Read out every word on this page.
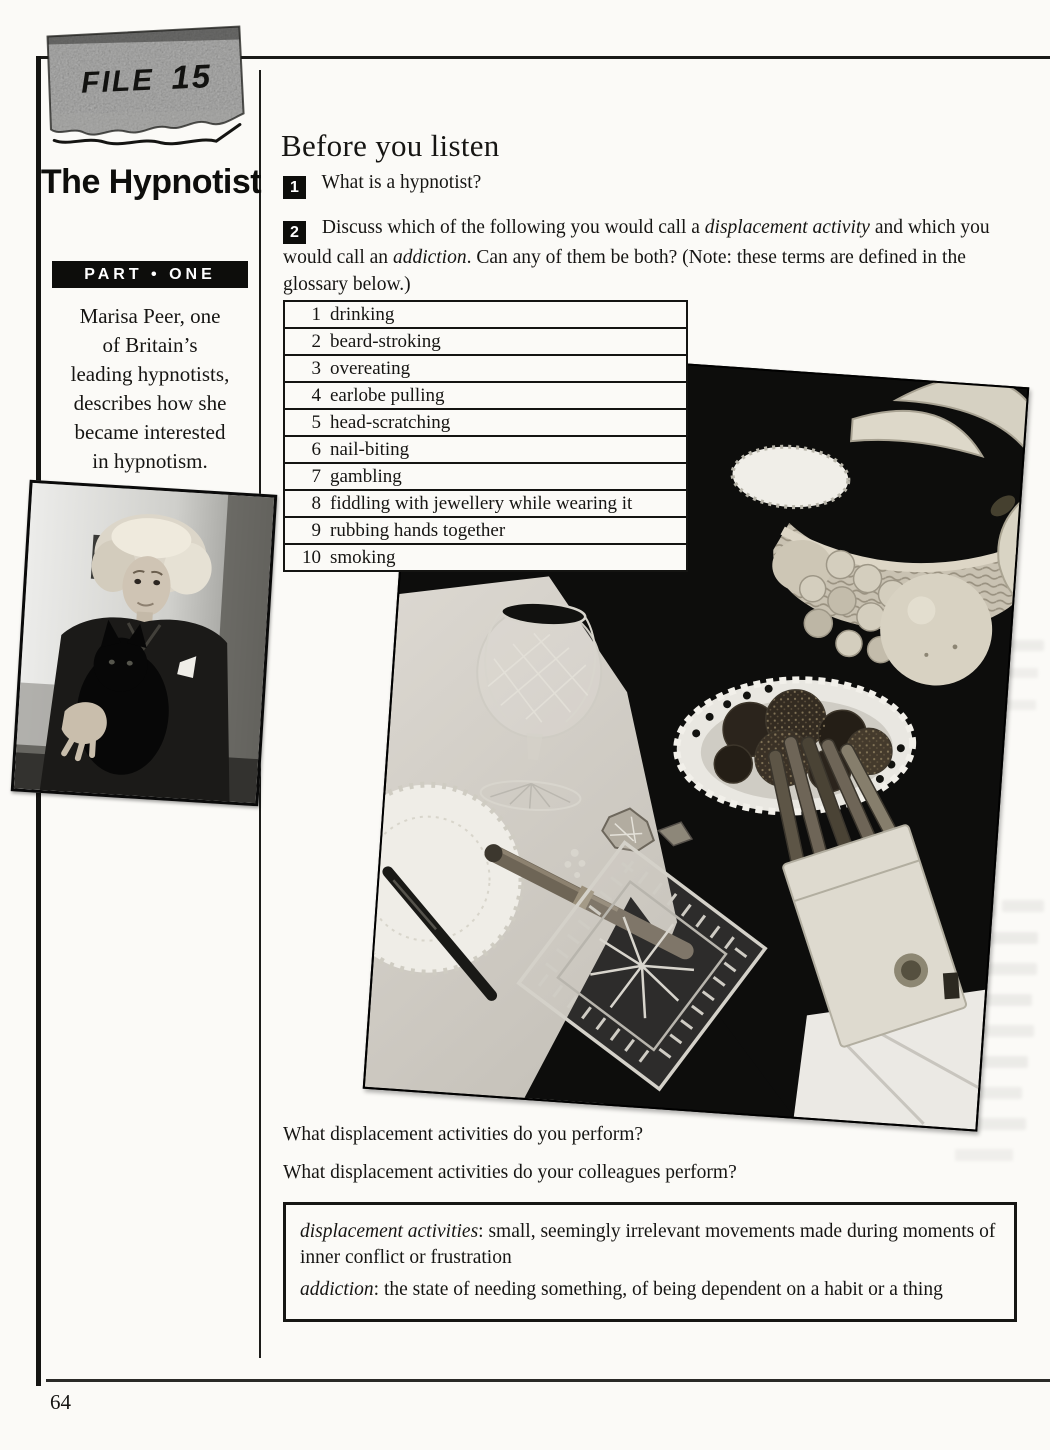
FILE 15
The Hypnotist
PART • ONE
Marisa Peer, one
of Britain’s
leading hypnotists,
describes how she
became interested
in hypnotism.
Before you listen
1 What is a hypnotist?
2 Discuss which of the following you would call a displacement activity and which you would call an addiction. Can any of them be both? (Note: these terms are defined in the glossary below.)
1 drinking
2 beard-stroking
3 overeating
4 earlobe pulling
5 head-scratching
6 nail-biting
7 gambling
8 fiddling with jewellery while wearing it
9 rubbing hands together
10 smoking
What displacement activities do you perform?
What displacement activities do your colleagues perform?

displacement activities: small, seemingly irrelevant movements made during moments of inner conflict or frustration

addiction: the state of needing something, of being dependent on a habit or a thing

64
